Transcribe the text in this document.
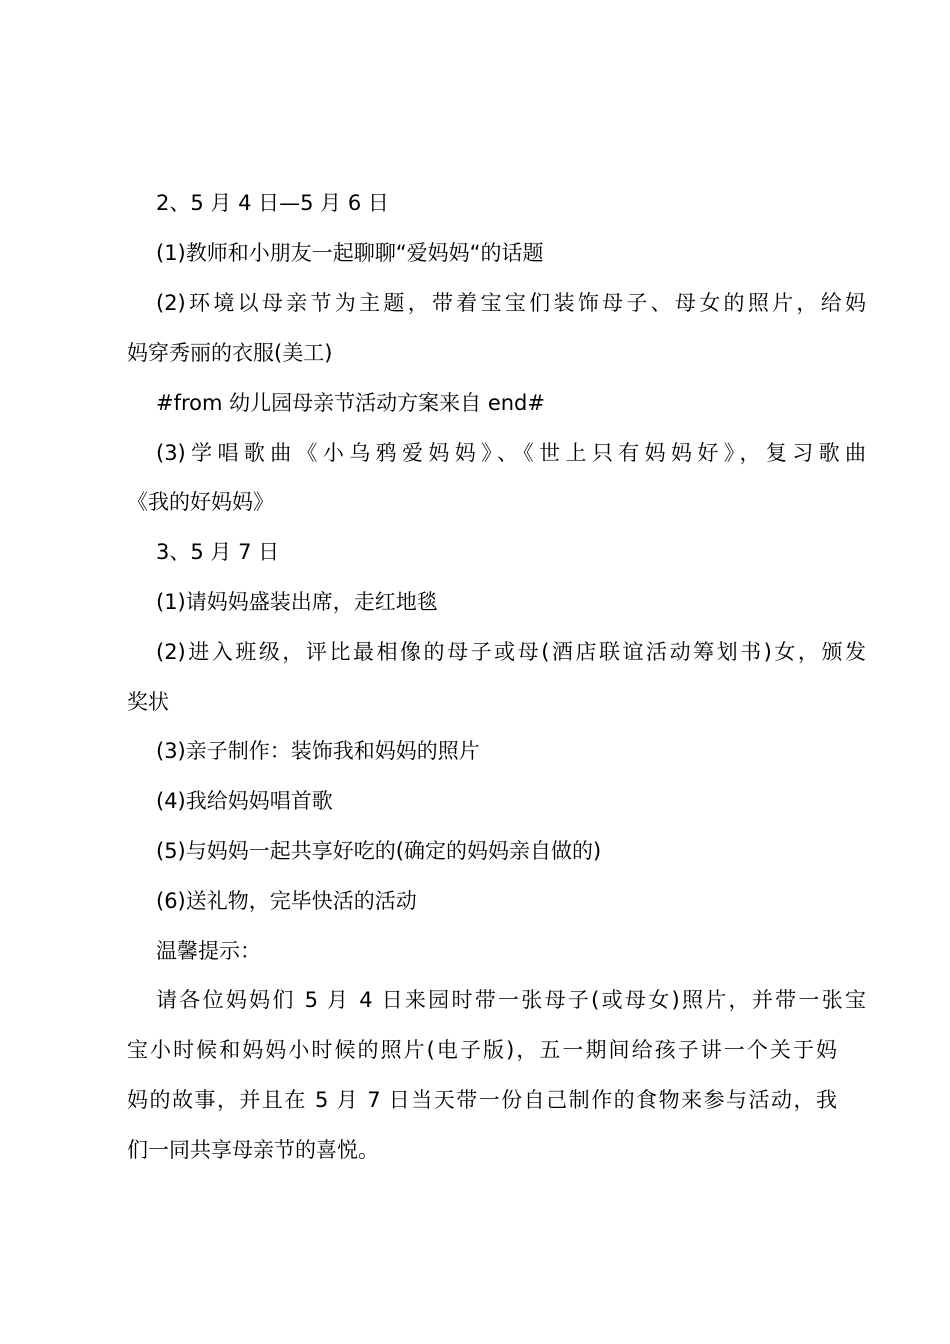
2、5 月 4 日—5 月 6 日
(1)教师和小朋友一起聊聊“爱妈妈“的话题
(2)环境以母亲节为主题，带着宝宝们装饰母子、母女的照片，给妈
妈穿秀丽的衣服(美工)
#from 幼儿园母亲节活动方案来自 end#
(3)学唱歌曲《小乌鸦爱妈妈》、《世上只有妈妈好》，复习歌曲
《我的好妈妈》
3、5 月 7 日
(1)请妈妈盛装出席，走红地毯
(2)进入班级，评比最相像的母子或母(酒店联谊活动筹划书)女，颁发
奖状
(3)亲子制作：装饰我和妈妈的照片
(4)我给妈妈唱首歌
(5)与妈妈一起共享好吃的(确定的妈妈亲自做的)
(6)送礼物，完毕快活的活动
温馨提示：
请各位妈妈们 5 月 4 日来园时带一张母子(或母女)照片，并带一张宝
宝小时候和妈妈小时候的照片(电子版)，五一期间给孩子讲一个关于妈
妈的故事，并且在 5 月 7 日当天带一份自己制作的食物来参与活动，我
们一同共享母亲节的喜悦。
